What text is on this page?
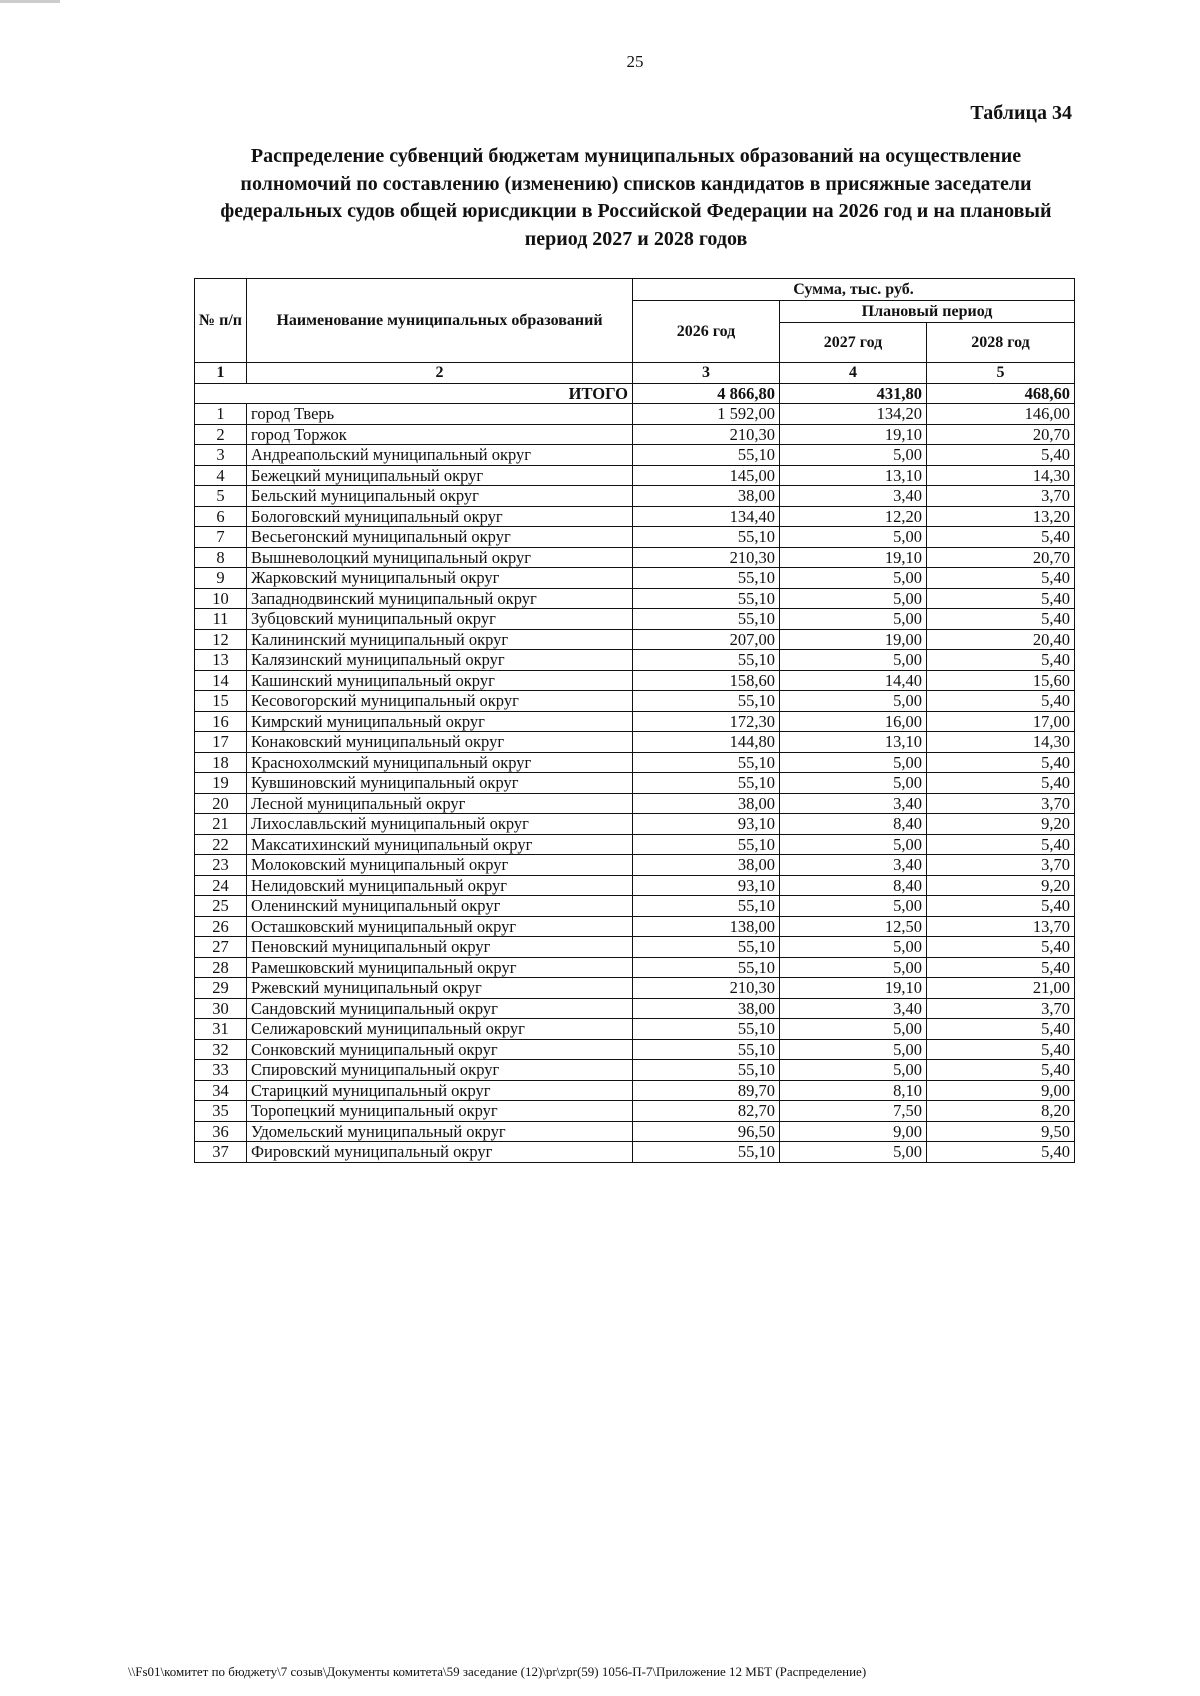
25
Таблица 34
Распределение субвенций бюджетам муниципальных образований на осуществление полномочий по составлению (изменению) списков кандидатов в присяжные заседатели федеральных судов общей юрисдикции в Российской Федерации на 2026 год и на плановый период 2027 и 2028 годов
№ п/п	Наименование муниципальных образований	Сумма, тыс. руб.		
		2026 год	Плановый период	
			2027 год	2028 год
1	2	3	4	5
ИТОГО		4 866,80	431,80	468,60
1	город Тверь	1 592,00	134,20	146,00
2	город Торжок	210,30	19,10	20,70
3	Андреапольский муниципальный округ	55,10	5,00	5,40
4	Бежецкий муниципальный округ	145,00	13,10	14,30
5	Бельский муниципальный округ	38,00	3,40	3,70
6	Бологовский муниципальный округ	134,40	12,20	13,20
7	Весьегонский муниципальный округ	55,10	5,00	5,40
8	Вышневолоцкий муниципальный округ	210,30	19,10	20,70
9	Жарковский муниципальный округ	55,10	5,00	5,40
10	Западнодвинский муниципальный округ	55,10	5,00	5,40
11	Зубцовский муниципальный округ	55,10	5,00	5,40
12	Калининский муниципальный округ	207,00	19,00	20,40
13	Калязинский муниципальный округ	55,10	5,00	5,40
14	Кашинский муниципальный округ	158,60	14,40	15,60
15	Кесовогорский муниципальный округ	55,10	5,00	5,40
16	Кимрский муниципальный округ	172,30	16,00	17,00
17	Конаковский муниципальный округ	144,80	13,10	14,30
18	Краснохолмский муниципальный округ	55,10	5,00	5,40
19	Кувшиновский муниципальный округ	55,10	5,00	5,40
20	Лесной муниципальный округ	38,00	3,40	3,70
21	Лихославльский муниципальный округ	93,10	8,40	9,20
22	Максатихинский муниципальный округ	55,10	5,00	5,40
23	Молоковский муниципальный округ	38,00	3,40	3,70
24	Нелидовский муниципальный округ	93,10	8,40	9,20
25	Оленинский муниципальный округ	55,10	5,00	5,40
26	Осташковский муниципальный округ	138,00	12,50	13,70
27	Пеновский муниципальный округ	55,10	5,00	5,40
28	Рамешковский муниципальный округ	55,10	5,00	5,40
29	Ржевский муниципальный округ	210,30	19,10	21,00
30	Сандовский муниципальный округ	38,00	3,40	3,70
31	Селижаровский муниципальный округ	55,10	5,00	5,40
32	Сонковский муниципальный округ	55,10	5,00	5,40
33	Спировский муниципальный округ	55,10	5,00	5,40
34	Старицкий муниципальный округ	89,70	8,10	9,00
35	Торопецкий муниципальный округ	82,70	7,50	8,20
36	Удомельский муниципальный округ	96,50	9,00	9,50
37	Фировский муниципальный округ	55,10	5,00	5,40
\\Fs01\комитет по бюджету\7 созыв\Документы комитета\59 заседание (12)\pr\zpr(59) 1056-П-7\Приложение 12 МБТ (Распределение)
